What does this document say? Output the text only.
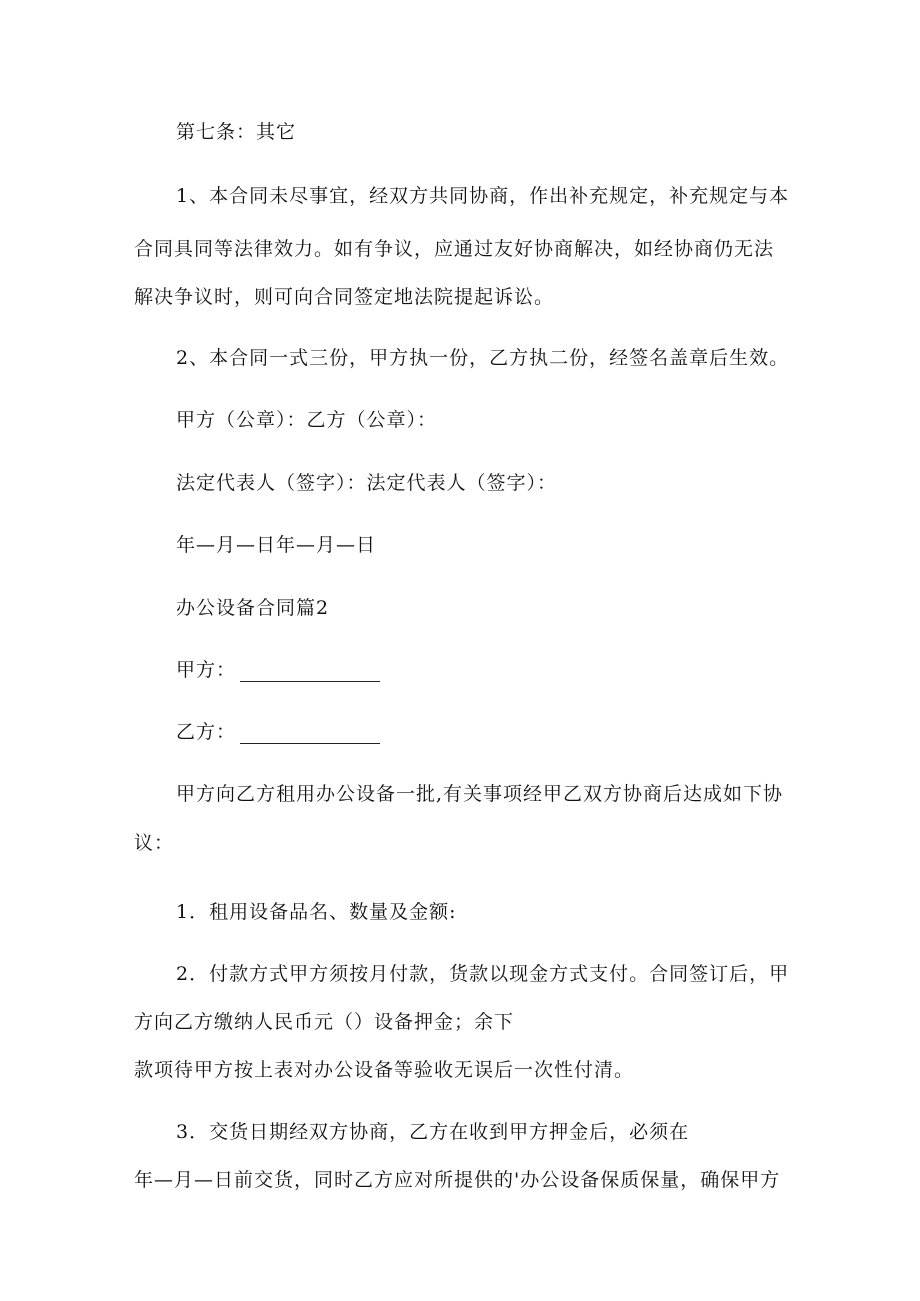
第七条：其它
1、本合同未尽事宜，经双方共同协商，作出补充规定，补充规定与本
合同具同等法律效力。如有争议，应通过友好协商解决，如经协商仍无法
解决争议时，则可向合同签定地法院提起诉讼。
2、本合同一式三份，甲方执一份，乙方执二份，经签名盖章后生效。
甲方（公章）：乙方（公章）：
法定代表人（签字）：法定代表人（签字）：
年—月—日年—月—日
办公设备合同篇2
甲方：
乙方：
甲方向乙方租用办公设备一批,有关事项经甲乙双方协商后达成如下协
议：
1．租用设备品名、数量及金额:
2．付款方式甲方须按月付款，货款以现金方式支付。合同签订后，甲
方向乙方缴纳人民币元（）设备押金；余下
款项待甲方按上表对办公设备等验收无误后一次性付清。
3．交货日期经双方协商，乙方在收到甲方押金后，必须在
年—月—日前交货，同时乙方应对所提供的'办公设备保质保量，确保甲方
